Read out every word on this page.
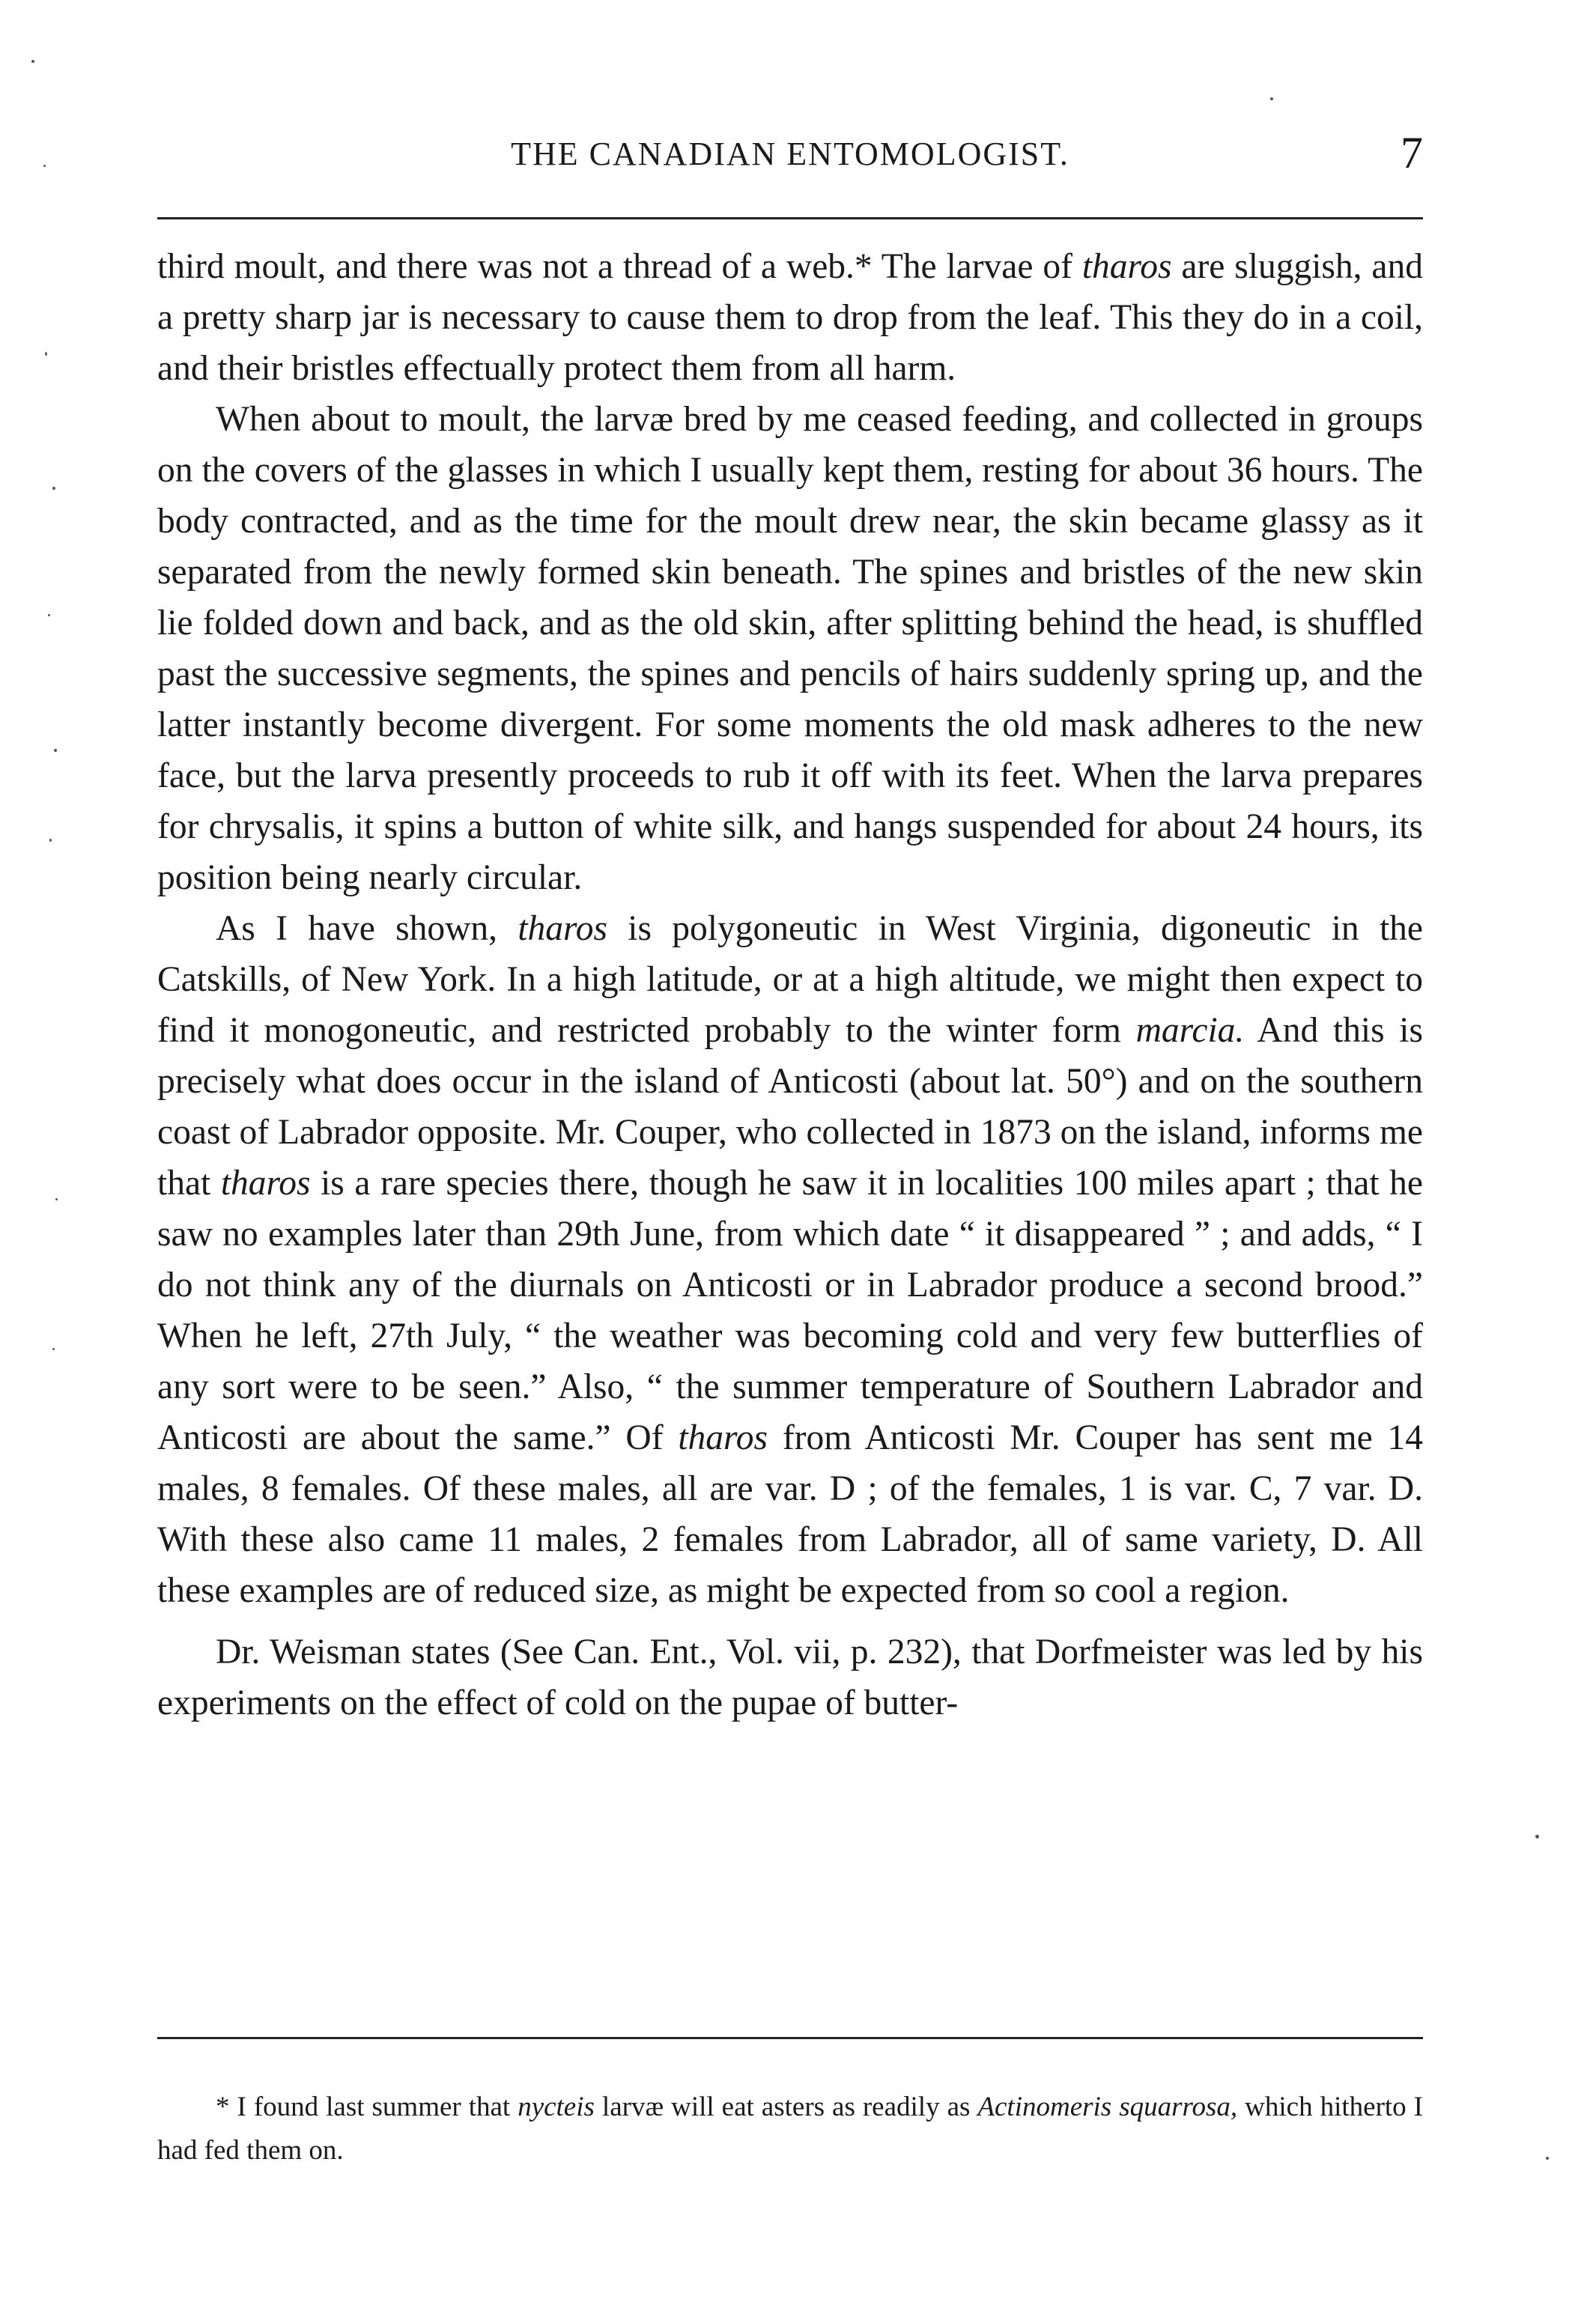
THE CANADIAN ENTOMOLOGIST.	7

third moult, and there was not a thread of a web.* The larvae of tharos are sluggish, and a pretty sharp jar is necessary to cause them to drop from the leaf. This they do in a coil, and their bristles effectually protect them from all harm.

When about to moult, the larvæ bred by me ceased feeding, and collected in groups on the covers of the glasses in which I usually kept them, resting for about 36 hours. The body contracted, and as the time for the moult drew near, the skin became glassy as it separated from the newly formed skin beneath. The spines and bristles of the new skin lie folded down and back, and as the old skin, after splitting behind the head, is shuffled past the successive segments, the spines and pencils of hairs suddenly spring up, and the latter instantly become divergent. For some moments the old mask adheres to the new face, but the larva presently proceeds to rub it off with its feet. When the larva prepares for chrysalis, it spins a button of white silk, and hangs suspended for about 24 hours, its position being nearly circular.

As I have shown, tharos is polygoneutic in West Virginia, digoneutic in the Catskills, of New York. In a high latitude, or at a high altitude, we might then expect to find it monogoneutic, and restricted probably to the winter form marcia. And this is precisely what does occur in the island of Anticosti (about lat. 50°) and on the southern coast of Labrador opposite. Mr. Couper, who collected in 1873 on the island, informs me that tharos is a rare species there, though he saw it in localities 100 miles apart ; that he saw no examples later than 29th June, from which date “ it disappeared ” ; and adds, “ I do not think any of the diurnals on Anticosti or in Labrador produce a second brood.” When he left, 27th July, “ the weather was becoming cold and very few butterflies of any sort were to be seen.” Also, “ the summer temperature of Southern Labrador and Anticosti are about the same.” Of tharos from Anticosti Mr. Couper has sent me 14 males, 8 females. Of these males, all are var. D ; of the females, 1 is var. C, 7 var. D. With these also came 11 males, 2 females from Labrador, all of same variety, D. All these examples are of reduced size, as might be expected from so cool a region.

Dr. Weisman states (See Can. Ent., Vol. vii, p. 232), that Dorfmeister was led by his experiments on the effect of cold on the pupae of butter-

* I found last summer that nycteis larvæ will eat asters as readily as Actinomeris squarrosa, which hitherto I had fed them on.
